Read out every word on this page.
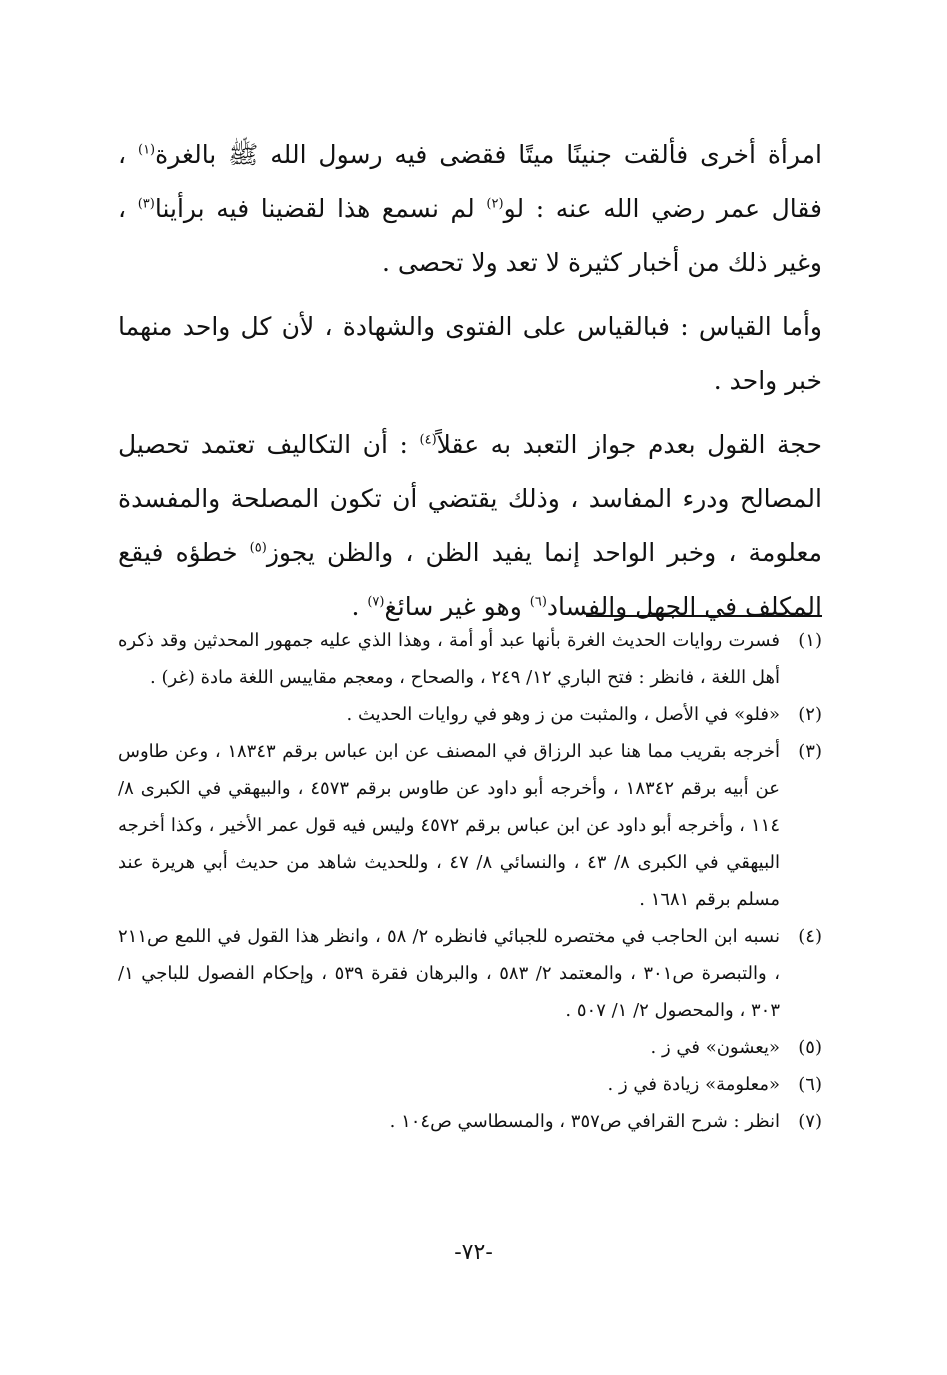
امرأة أخرى فألقت جنينًا ميتًا فقضى فيه رسول الله ﷺ بالغرة$^{(١)}$ ، فقال عمر رضي الله عنه : لو$^{(٢)}$ لم نسمع هذا لقضينا فيه برأينا$^{(٣)}$ ، وغير ذلك من أخبار كثيرة لا تعد ولا تحصى .

وأما القياس : فبالقياس على الفتوى والشهادة ، لأن كل واحد منهما خبر واحد .

حجة القول بعدم جواز التعبد به عقلاً$^{(٤)}$ : أن التكاليف تعتمد تحصيل المصالح ودرء المفاسد ، وذلك يقتضي أن تكون المصلحة والمفسدة معلومة ، وخبر الواحد إنما يفيد الظن ، والظن يجوز$^{(٥)}$ خطؤه فيقع المكلف في الجهل والفساد$^{(٦)}$ وهو غير سائغ$^{(٧)}$ .

(١)
فسرت روايات الحديث الغرة بأنها عبد أو أمة ، وهذا الذي عليه جمهور المحدثين وقد ذكره أهل اللغة ، فانظر : فتح الباري ١٢/ ٢٤٩ ، والصحاح ، ومعجم مقاييس اللغة مادة (غر) .
(٢)
«فلو» في الأصل ، والمثبت من ز وهو في روايات الحديث .
(٣)
أخرجه بقريب مما هنا عبد الرزاق في المصنف عن ابن عباس برقم ١٨٣٤٣ ، وعن طاوس عن أبيه برقم ١٨٣٤٢ ، وأخرجه أبو داود عن طاوس برقم ٤٥٧٣ ، والبيهقي في الكبرى ٨/ ١١٤ ، وأخرجه أبو داود عن ابن عباس برقم ٤٥٧٢ وليس فيه قول عمر الأخير ، وكذا أخرجه البيهقي في الكبرى ٨/ ٤٣ ، والنسائي ٨/ ٤٧ ، وللحديث شاهد من حديث أبي هريرة عند مسلم برقم ١٦٨١ .
(٤)
نسبه ابن الحاجب في مختصره للجبائي فانظره ٢/ ٥٨ ، وانظر هذا القول في اللمع ص٢١١ ، والتبصرة ص٣٠١ ، والمعتمد ٢/ ٥٨٣ ، والبرهان فقرة ٥٣٩ ، وإحكام الفصول للباجي ١/ ٣٠٣ ، والمحصول ٢/ ١/ ٥٠٧ .
(٥)
«يعشون» في ز .
(٦)
«معلومة» زيادة في ز .
(٧)
انظر : شرح القرافي ص٣٥٧ ، والمسطاسي ص١٠٤ .
-٧٢-
